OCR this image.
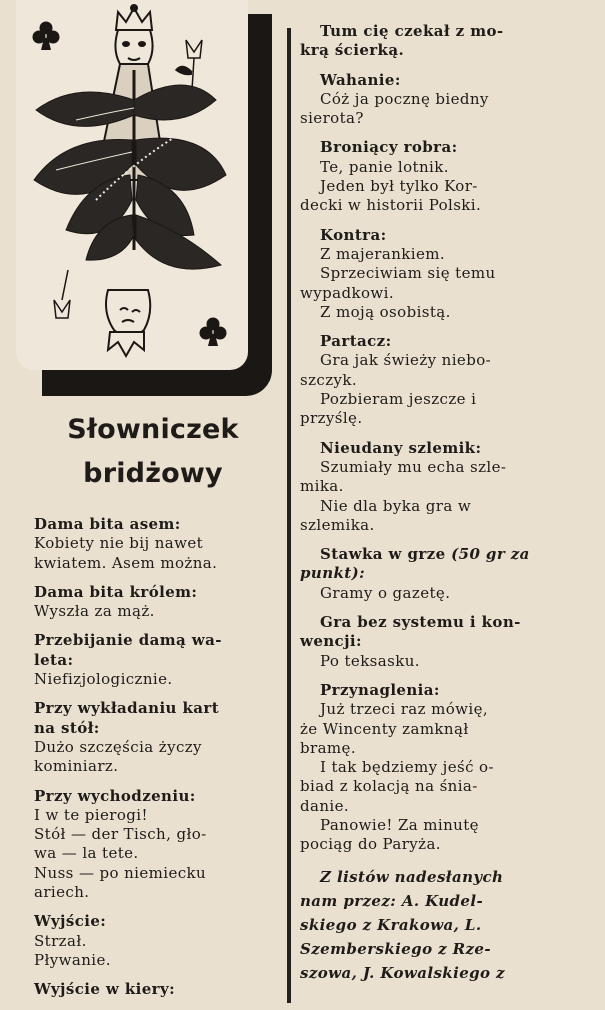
Słowniczek
bridżowy
Dama bita asem:
Kobiety nie bij nawet
kwiatem. Asem można.
Dama bita królem:
Wyszła za mąż.
Przebijanie damą wa-
leta:
Niefizjologicznie.
Przy wykładaniu kart
na stół:
Dużo szczęścia życzy
kominiarz.
Przy wychodzeniu:
I w te pierogi!
Stół — der Tisch, gło-
wa — la tete.
Nuss — po niemiecku
ariech.
Wyjście:
Strzał.
Pływanie.
Wyjście w kiery:
Tum cię czekał z mo-
krą ścierką.
Wahanie:
Cóż ja pocznę biedny
sierota?
Broniący robra:
Te, panie lotnik.
Jeden był tylko Kor-
decki w historii Polski.
Kontra:
Z majerankiem.
Sprzeciwiam się temu
wypadkowi.
Z moją osobistą.
Partacz:
Gra jak świeży niebo-
szczyk.
Pozbieram jeszcze i
przyślę.
Nieudany szlemik:
Szumiały mu echa szle-
mika.
Nie dla byka gra w
szlemika.
Stawka w grze (50 gr za
punkt):
Gramy o gazetę.
Gra bez systemu i kon-
wencji:
Po teksasku.
Przynaglenia:
Już trzeci raz mówię,
że Wincenty zamknął
bramę.
I tak będziemy jeść o-
biad z kolacją na śnia-
danie.
Panowie! Za minutę
pociąg do Paryża.
Z listów nadesłanych
nam przez: A. Kudel-
skiego z Krakowa, L.
Szemberskiego z Rze-
szowa, J. Kowalskiego z
